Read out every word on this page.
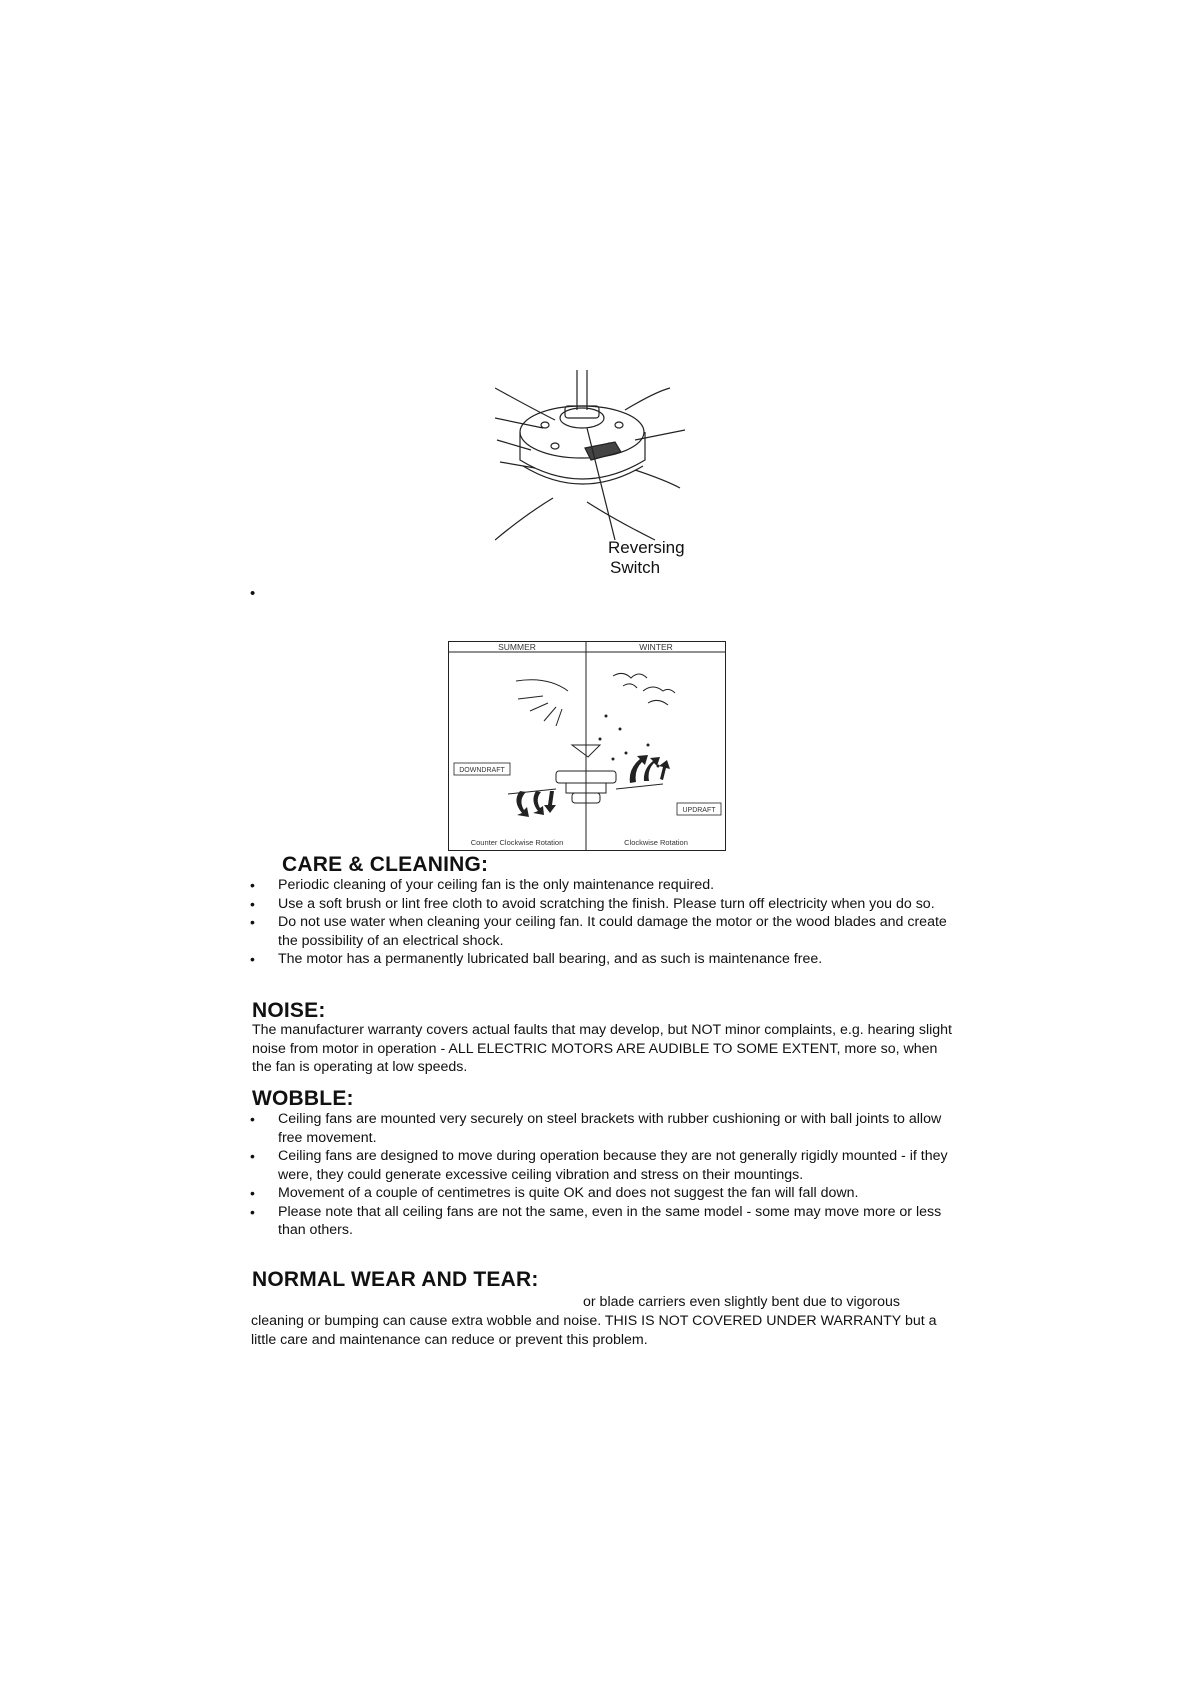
Reversing
Switch
•
SUMMER	WINTER
DOWNDRAFT
UPDRAFT
Counter Clockwise Rotation	Clockwise Rotation
CARE & CLEANING:
• Periodic cleaning of your ceiling fan is the only maintenance required.
• Use a soft brush or lint free cloth to avoid scratching the finish. Please turn off electricity when you do so.
• Do not use water when cleaning your ceiling fan. It could damage the motor or the wood blades and create the possibility of an electrical shock.
• The motor has a permanently lubricated ball bearing, and as such is maintenance free.
NOISE:
The manufacturer warranty covers actual faults that may develop, but NOT minor complaints, e.g. hearing slight noise from motor in operation - ALL ELECTRIC MOTORS ARE AUDIBLE TO SOME EXTENT, more so, when the fan is operating at low speeds.
WOBBLE:
• Ceiling fans are mounted very securely on steel brackets with rubber cushioning or with ball joints to allow free movement.
• Ceiling fans are designed to move during operation because they are not generally rigidly mounted - if they were, they could generate excessive ceiling vibration and stress on their mountings.
• Movement of a couple of centimetres is quite OK and does not suggest the fan will fall down.
• Please note that all ceiling fans are not the same, even in the same model - some may move more or less than others.
NORMAL WEAR AND TEAR:
or blade carriers even slightly bent due to vigorous
cleaning or bumping can cause extra wobble and noise. THIS IS NOT COVERED UNDER WARRANTY but a little care and maintenance can reduce or prevent this problem.
